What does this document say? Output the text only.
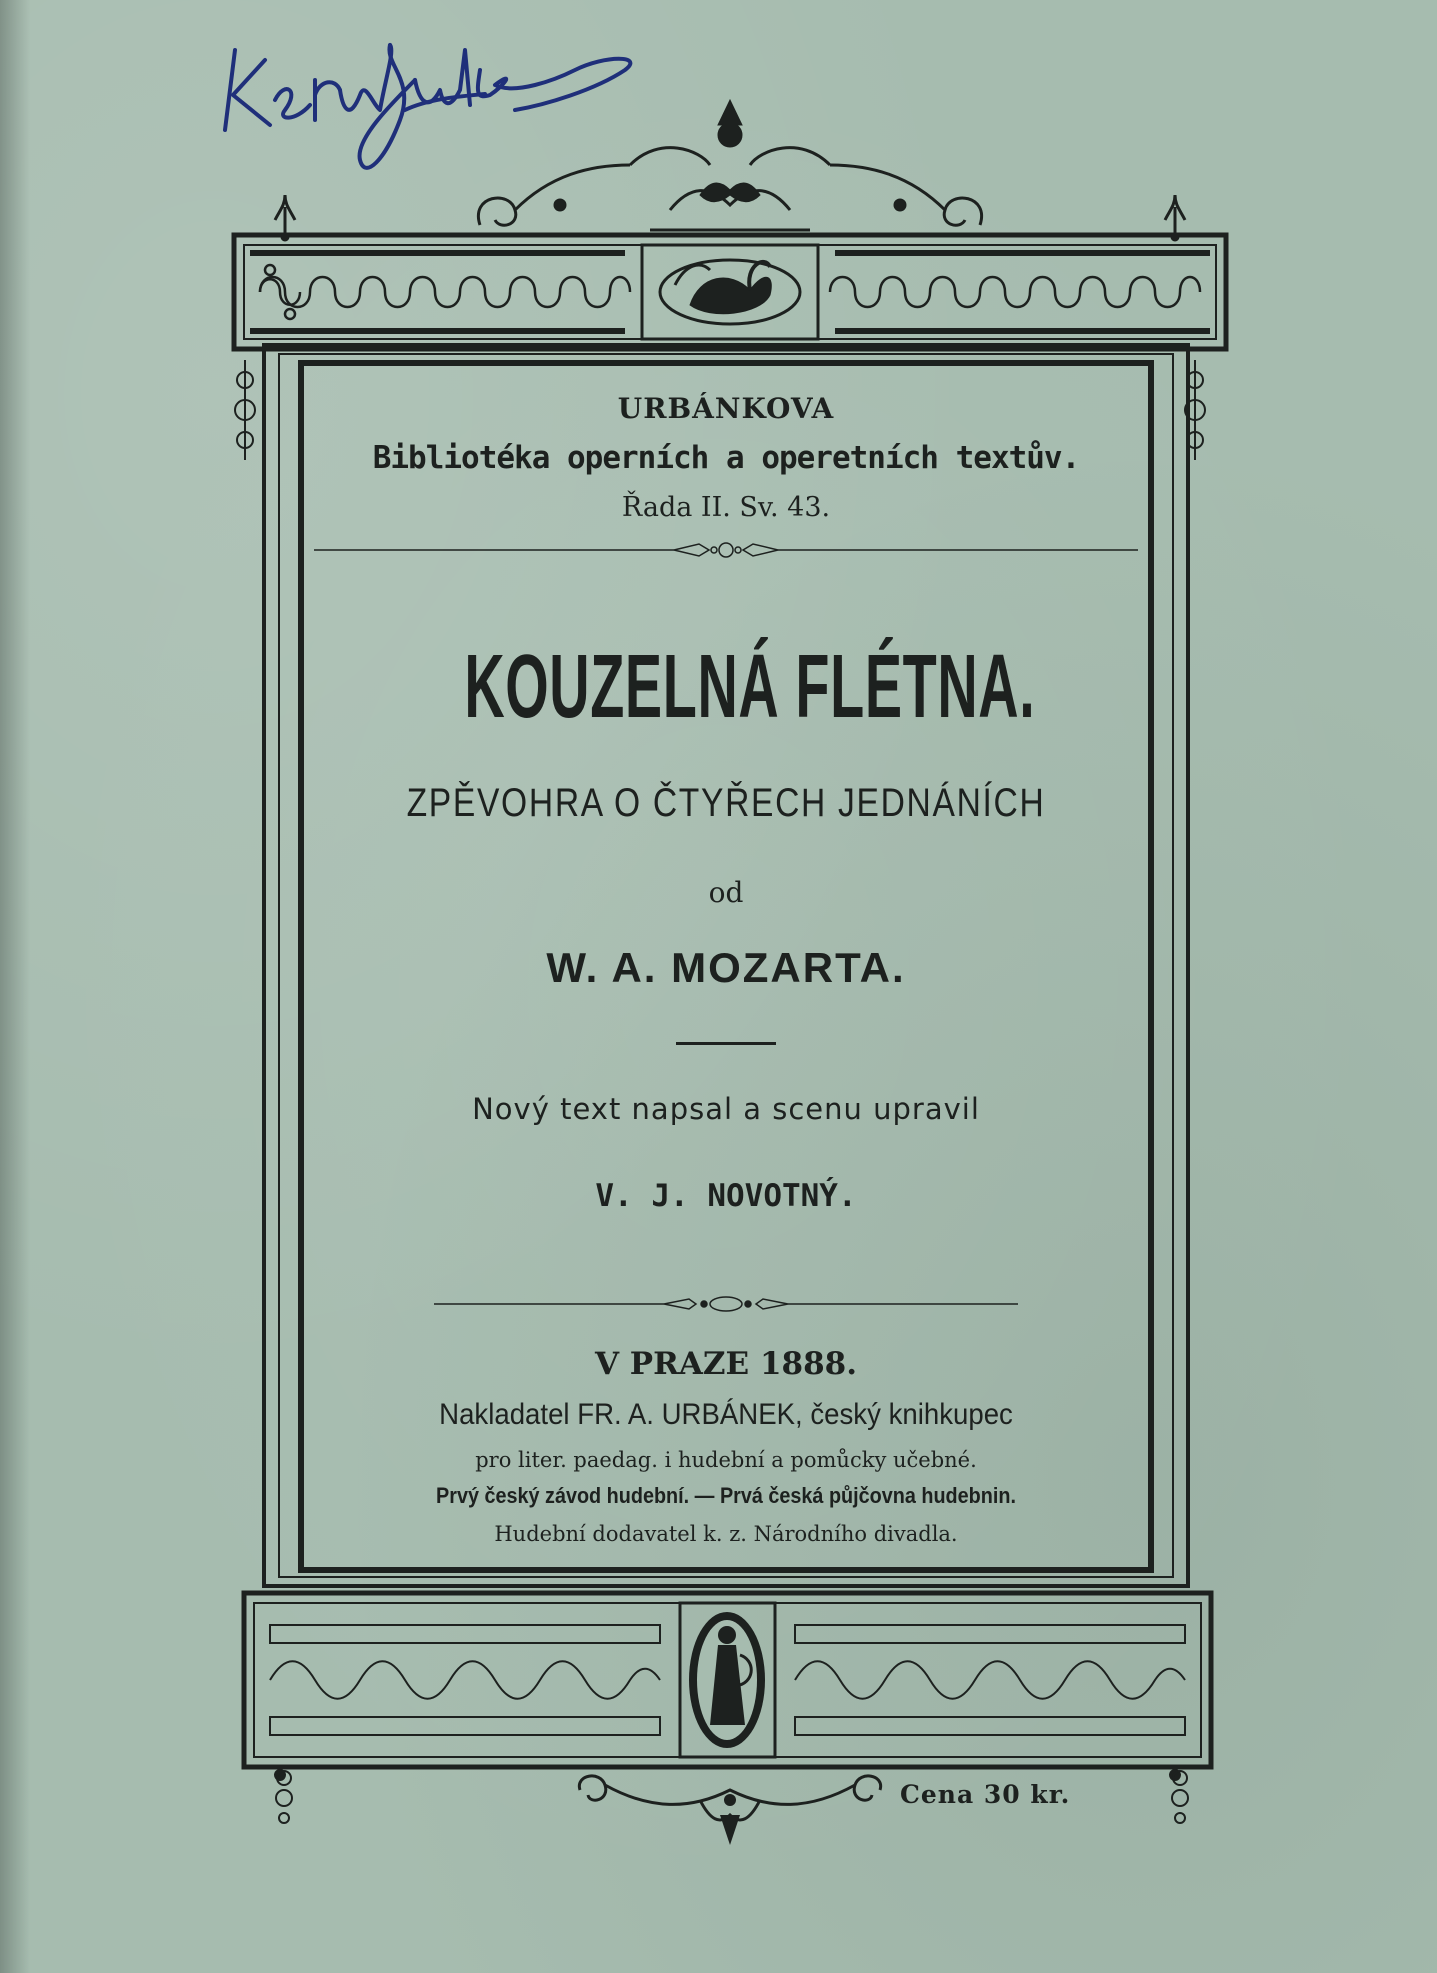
URBÁNKOVA
Bibliotéka operních a operetních textův.
Řada II. Sv. 43.
KOUZELNÁ FLÉTNA.
ZPĚVOHRA O ČTYŘECH JEDNÁNÍCH
od
W. A. MOZARTA.
Nový text napsal a scenu upravil
V. J. NOVOTNÝ.
V PRAZE 1888.
Nakladatel FR. A. URBÁNEK, český knihkupec
pro liter. paedag. i hudební a pomůcky učebné.
Prvý český závod hudební. — Prvá česká půjčovna hudebnin.
Hudební dodavatel k. z. Národního divadla.
Cena 30 kr.
